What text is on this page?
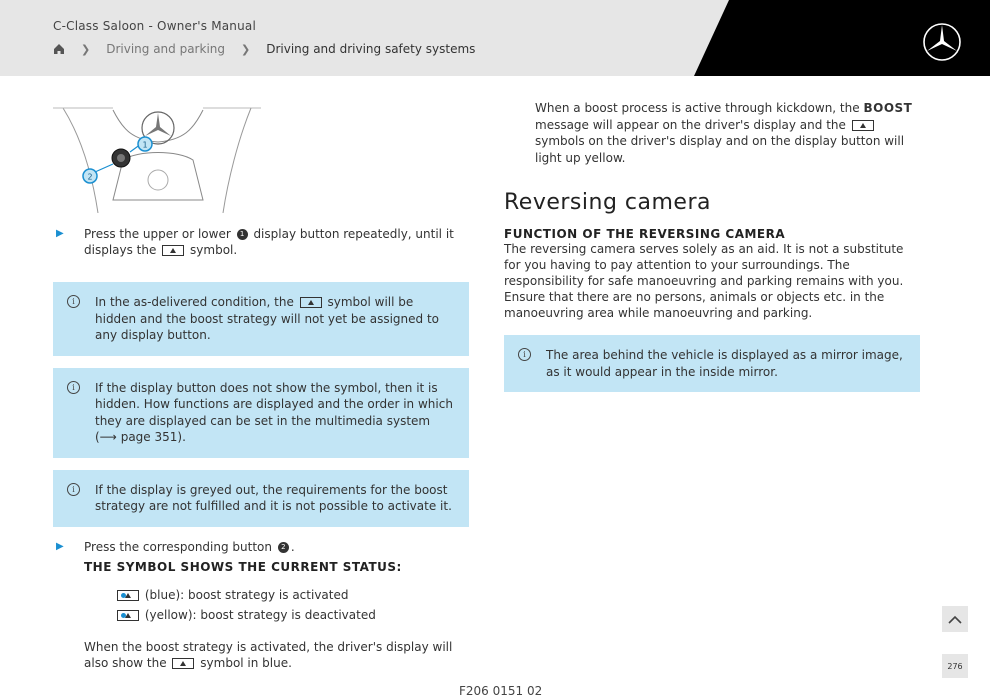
C-Class Saloon - Owner's Manual
❯ Driving and parking ❯ Driving and driving safety systems
1
2
▶ Press the upper or lower 1 display button repeatedly, until it displays the	symbol.
i	In the as-delivered condition, the	symbol will be hidden and the boost strategy will not yet be assigned to any display button.
i	If the display button does not show the symbol, then it is hidden. How functions are displayed and the order in which they are displayed can be set in the multimedia system (⟶ page 351).
i	If the display is greyed out, the requirements for the boost strategy are not fulfilled and it is not possible to activate it.
▶ Press the corresponding button 2 .
THE SYMBOL SHOWS THE CURRENT STATUS:
(blue): boost strategy is activated
(yellow): boost strategy is deactivated
When the boost strategy is activated, the driver's display will also show the	symbol in blue.
When a boost process is active through kickdown, the BOOST message will appear on the driver's display and the  symbols on the driver's display and on the display button will light up yellow.
Reversing camera
FUNCTION OF THE REVERSING CAMERA
The reversing camera serves solely as an aid. It is not a substitute for you having to pay attention to your surroundings. The responsibility for safe manoeuvring and parking remains with you. Ensure that there are no persons, animals or objects etc. in the manoeuvring area while manoeuvring and parking.
i	The area behind the vehicle is displayed as a mirror image, as it would appear in the inside mirror.
F206 0151 02
276
